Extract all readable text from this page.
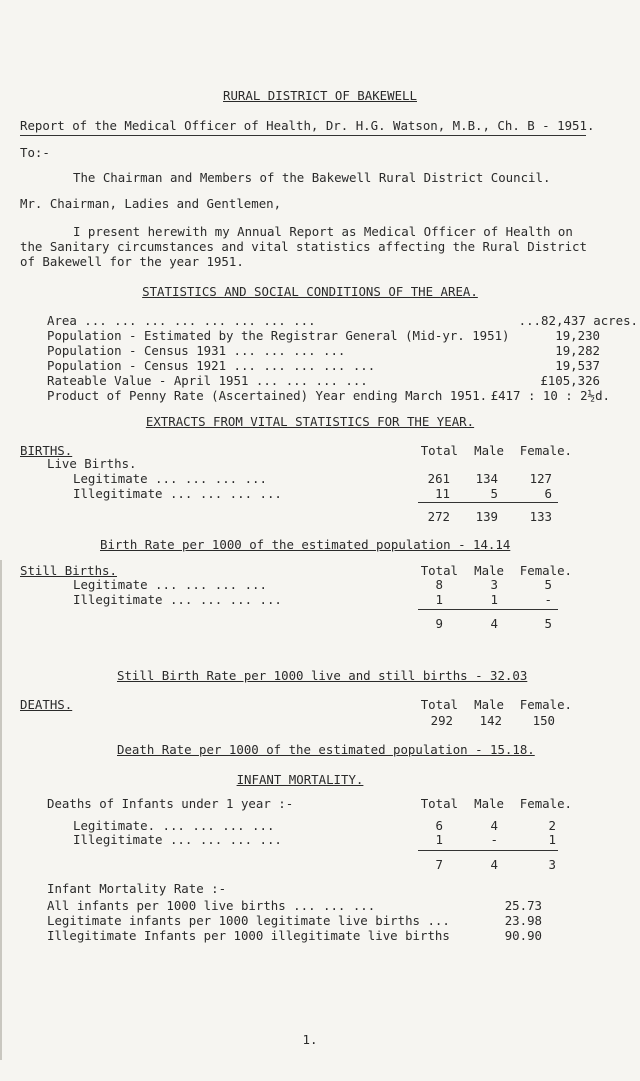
RURAL DISTRICT OF BAKEWELL
Report of the Medical Officer of Health, Dr. H.G. Watson, M.B., Ch. B - 1951.
To:-
The Chairman and Members of the Bakewell Rural District Council.
Mr. Chairman, Ladies and Gentlemen,
I present herewith my Annual Report as Medical Officer of Health on
the Sanitary circumstances and vital statistics affecting the Rural District
of Bakewell for the year 1951.
STATISTICS AND SOCIAL CONDITIONS OF THE AREA.
Area ... ... ... ... ... ... ... ...	...82,437 acres.
Population - Estimated by the Registrar General (Mid-yr. 1951)	19,230
Population - Census 1931 ... ... ... ...	19,282
Population - Census 1921 ... ... ... ... ...	19,537
Rateable Value - April 1951 ... ... ... ...	£105,326
Product of Penny Rate (Ascertained) Year ending March 1951. £417 : 10 : 2½d.
EXTRACTS FROM VITAL STATISTICS FOR THE YEAR.
BIRTHS.
Live Births.
Total	Male	Female.
Legitimate ... ... ... ...	261	134	127
Illegitimate ... ... ... ...	11	5	6
272	139	133
Birth Rate per 1000 of the estimated population - 14.14
Still Births.	Total	Male	Female.
Legitimate ... ... ... ...	8	3	5
Illegitimate ... ... ... ...	1	1	-
9	4	5
Still Birth Rate per 1000 live and still births - 32.03
DEATHS.	Total	Male	Female.
292	142	150
Death Rate per 1000 of the estimated population - 15.18.
INFANT MORTALITY.
Deaths of Infants under 1 year :-	Total	Male	Female.
Legitimate. ... ... ... ...	6	4	2
Illegitimate ... ... ... ...	1	-	1
7	4	3
Infant Mortality Rate :-
All infants per 1000 live births ... ... ...	25.73
Legitimate infants per 1000 legitimate live births ...	23.98
Illegitimate Infants per 1000 illegitimate live births	90.90
1.
